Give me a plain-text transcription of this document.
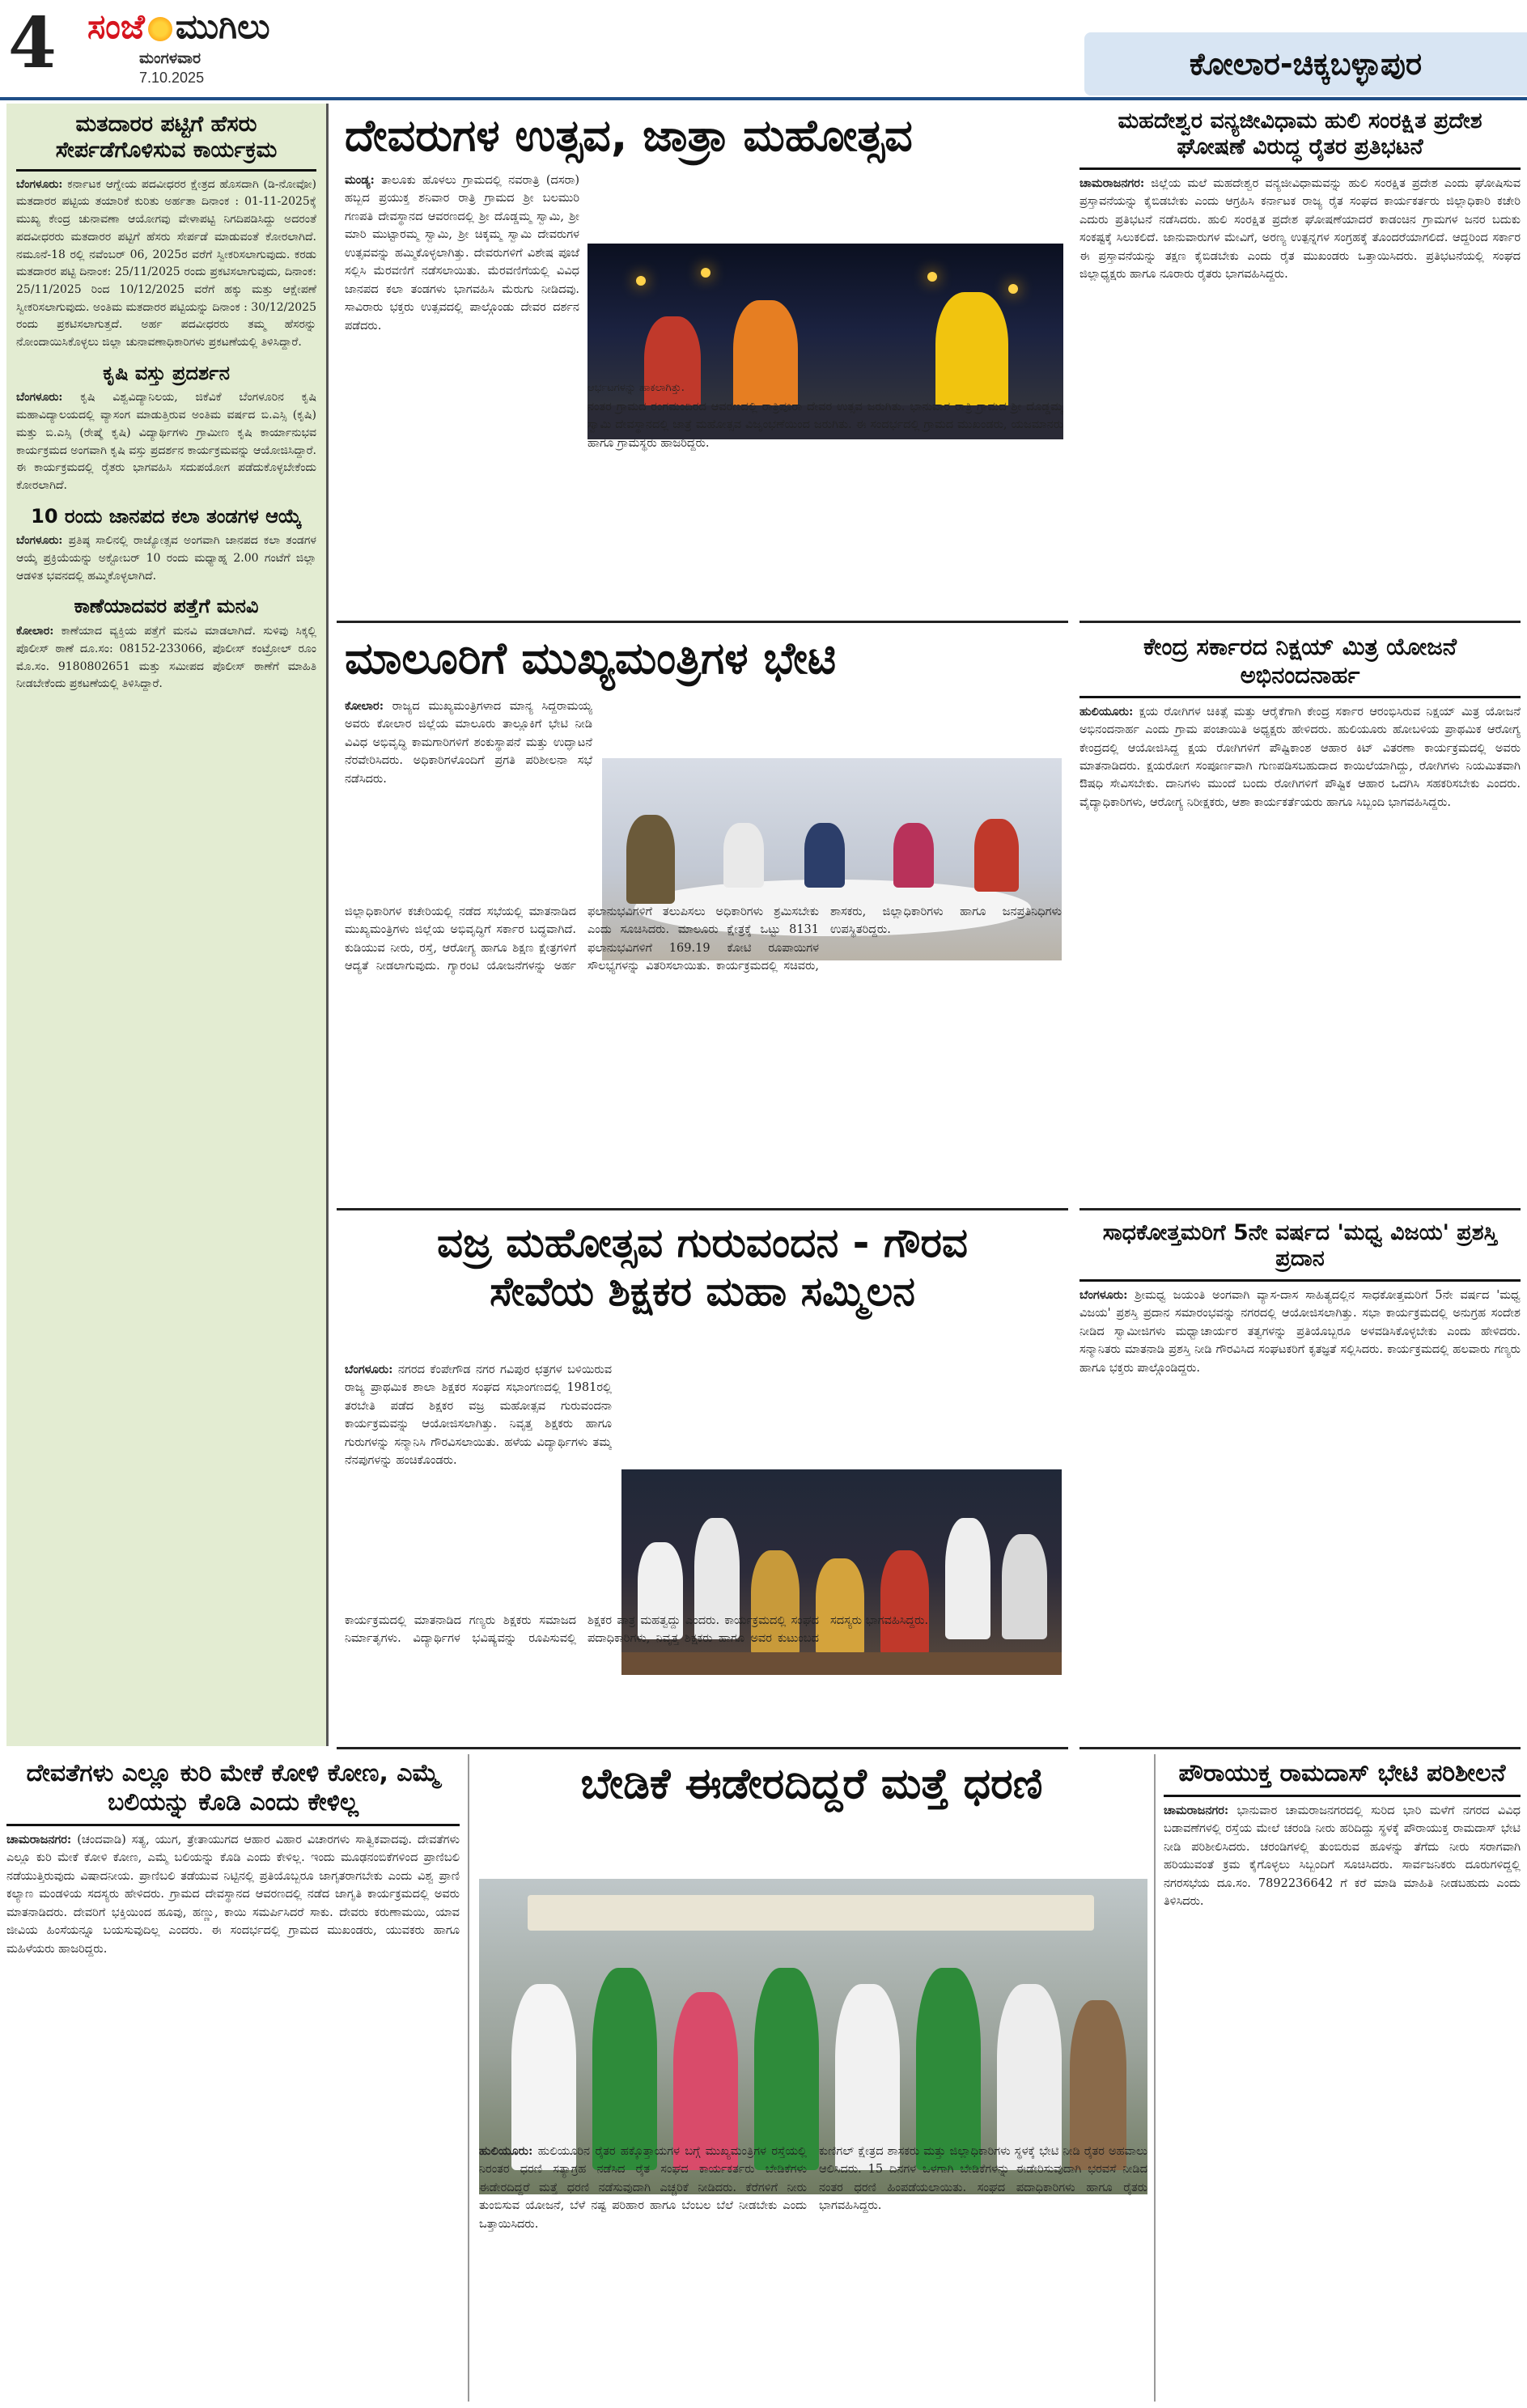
4 ಸಂಜೆ ಮುಗಿಲು
ಮಂಗಳವಾರ
7.10.2025	ಕೋಲಾರ-ಚಿಕ್ಕಬಳ್ಳಾಪುರ
ಮತದಾರರ ಪಟ್ಟಿಗೆ ಹೆಸರು ಸೇರ್ಪಡೆಗೊಳಿಸುವ ಕಾರ್ಯಕ್ರಮ

ಬೆಂಗಳೂರು: ಕರ್ನಾಟಕ ಆಗ್ನೇಯ ಪದವೀಧರರ ಕ್ಷೇತ್ರದ ಹೊಸದಾಗಿ (ಡಿ-ನೋವೋ) ಮತದಾರರ ಪಟ್ಟಿಯ ತಯಾರಿಕೆ ಕುರಿತು ಅರ್ಹತಾ ದಿನಾಂಕ : 01-11-2025ಕ್ಕೆ ಮುಖ್ಯ ಕೇಂದ್ರ ಚುನಾವಣಾ ಆಯೋಗವು ವೇಳಾಪಟ್ಟಿ ನಿಗದಿಪಡಿಸಿದ್ದು ಅದರಂತೆ ಪದವೀಧರರು ಮತದಾರರ ಪಟ್ಟಿಗೆ ಹೆಸರು ಸೇರ್ಪಡೆ ಮಾಡುವಂತೆ ಕೋರಲಾಗಿದೆ. ನಮೂನೆ-18 ರಲ್ಲಿ ನವೆಂಬರ್ 06, 2025ರ ವರೆಗೆ ಸ್ವೀಕರಿಸಲಾಗುವುದು. ಕರಡು ಮತದಾರರ ಪಟ್ಟಿ ದಿನಾಂಕ: 25/11/2025 ರಂದು ಪ್ರಕಟಿಸಲಾಗುವುದು, ದಿನಾಂಕ: 25/11/2025 ರಿಂದ 10/12/2025 ವರೆಗೆ ಹಕ್ಕು ಮತ್ತು ಆಕ್ಷೇಪಣೆ ಸ್ವೀಕರಿಸಲಾಗುವುದು. ಅಂತಿಮ ಮತದಾರರ ಪಟ್ಟಿಯನ್ನು ದಿನಾಂಕ : 30/12/2025 ರಂದು ಪ್ರಕಟಿಸಲಾಗುತ್ತದೆ. ಅರ್ಹ ಪದವೀಧರರು ತಮ್ಮ ಹೆಸರನ್ನು ನೋಂದಾಯಿಸಿಕೊಳ್ಳಲು ಜಿಲ್ಲಾ ಚುನಾವಣಾಧಿಕಾರಿಗಳು ಪ್ರಕಟಣೆಯಲ್ಲಿ ತಿಳಿಸಿದ್ದಾರೆ.

ಕೃಷಿ ವಸ್ತು ಪ್ರದರ್ಶನ

ಬೆಂಗಳೂರು: ಕೃಷಿ ವಿಶ್ವವಿದ್ಯಾನಿಲಯ, ಜಿಕೆವಿಕೆ ಬೆಂಗಳೂರಿನ ಕೃಷಿ ಮಹಾವಿದ್ಯಾಲಯದಲ್ಲಿ ವ್ಯಾಸಂಗ ಮಾಡುತ್ತಿರುವ ಅಂತಿಮ ವರ್ಷದ ಬಿ.ಎಸ್ಸಿ (ಕೃಷಿ) ಮತ್ತು ಬಿ.ಎಸ್ಸಿ (ರೇಷ್ಮೆ ಕೃಷಿ) ವಿದ್ಯಾರ್ಥಿಗಳು ಗ್ರಾಮೀಣ ಕೃಷಿ ಕಾರ್ಯಾನುಭವ ಕಾರ್ಯಕ್ರಮದ ಅಂಗವಾಗಿ ಕೃಷಿ ವಸ್ತು ಪ್ರದರ್ಶನ ಕಾರ್ಯಕ್ರಮವನ್ನು ಆಯೋಜಿಸಿದ್ದಾರೆ. ಈ ಕಾರ್ಯಕ್ರಮದಲ್ಲಿ ರೈತರು ಭಾಗವಹಿಸಿ ಸದುಪಯೋಗ ಪಡೆದುಕೊಳ್ಳಬೇಕೆಂದು ಕೋರಲಾಗಿದೆ.

10 ರಂದು ಜಾನಪದ ಕಲಾ ತಂಡಗಳ ಆಯ್ಕೆ

ಬೆಂಗಳೂರು: ಪ್ರತಿಷ್ಠ ಸಾಲಿನಲ್ಲಿ ರಾಜ್ಯೋತ್ಸವ ಅಂಗವಾಗಿ ಜಾನಪದ ಕಲಾ ತಂಡಗಳ ಆಯ್ಕೆ ಪ್ರಕ್ರಿಯೆಯನ್ನು ಅಕ್ಟೋಬರ್ 10 ರಂದು ಮಧ್ಯಾಹ್ನ 2.00 ಗಂಟೆಗೆ ಜಿಲ್ಲಾ ಆಡಳಿತ ಭವನದಲ್ಲಿ ಹಮ್ಮಿಕೊಳ್ಳಲಾಗಿದೆ.

ಕಾಣೆಯಾದವರ ಪತ್ತೆಗೆ ಮನವಿ

ಕೋಲಾರ: ಕಾಣೆಯಾದ ವ್ಯಕ್ತಿಯ ಪತ್ತೆಗೆ ಮನವಿ ಮಾಡಲಾಗಿದೆ. ಸುಳಿವು ಸಿಕ್ಕಲ್ಲಿ ಪೊಲೀಸ್ ಠಾಣೆ ದೂ.ಸಂ: 08152-233066, ಪೊಲೀಸ್ ಕಂಟ್ರೋಲ್ ರೂಂ ಮೊ.ಸಂ. 9180802651 ಮತ್ತು ಸಮೀಪದ ಪೊಲೀಸ್ ಠಾಣೆಗೆ ಮಾಹಿತಿ ನೀಡಬೇಕೆಂದು ಪ್ರಕಟಣೆಯಲ್ಲಿ ತಿಳಿಸಿದ್ದಾರೆ.

ದೇವರುಗಳ ಉತ್ಸವ, ಜಾತ್ರಾ ಮಹೋತ್ಸವ
ಮಂಡ್ಯ: ತಾಲೂಕು ಹೊಳಲು ಗ್ರಾಮದಲ್ಲಿ ನವರಾತ್ರಿ (ದಸರಾ) ಹಬ್ಬದ ಪ್ರಯುಕ್ತ ಶನಿವಾರ ರಾತ್ರಿ ಗ್ರಾಮದ ಶ್ರೀ ಬಲಮುರಿ ಗಣಪತಿ ದೇವಸ್ಥಾನದ ಆವರಣದಲ್ಲಿ ಶ್ರೀ ದೊಡ್ಡಮ್ಮ ಸ್ವಾಮಿ, ಶ್ರೀ ಮಾರಿ ಮುಟ್ಟಾರಮ್ಮ ಸ್ವಾಮಿ, ಶ್ರೀ ಚಿಕ್ಕಮ್ಮ ಸ್ವಾಮಿ ದೇವರುಗಳ ಉತ್ಸವವನ್ನು ಹಮ್ಮಿಕೊಳ್ಳಲಾಗಿತ್ತು. ದೇವರುಗಳಿಗೆ ವಿಶೇಷ ಪೂಜೆ ಸಲ್ಲಿಸಿ ಮೆರವಣಿಗೆ ನಡೆಸಲಾಯಿತು. ಮೆರವಣಿಗೆಯಲ್ಲಿ ವಿವಿಧ ಜಾನಪದ ಕಲಾ ತಂಡಗಳು ಭಾಗವಹಿಸಿ ಮೆರುಗು ನೀಡಿದವು. ಸಾವಿರಾರು ಭಕ್ತರು ಉತ್ಸವದಲ್ಲಿ ಪಾಲ್ಗೊಂಡು ದೇವರ ದರ್ಶನ ಪಡೆದರು.
ಆರ್ಭಟಗಳನ್ನು ಹಾಕಲಾಗಿತ್ತು.
ನಂತರ ಗ್ರಾಮದ ರಂಗಮಂದಿರದ ಆವರಣದಲ್ಲಿ ರಾತ್ರಿಪೂರಾ ದೇವರ ಉತ್ಸವ ಜರುಗಿತು. ಭಾನುವಾರ ರಾತ್ರಿ ಗ್ರಾಮದ ಶ್ರೀ ದೊಡ್ಡಮ್ಮ ಸ್ವಾಮಿ ದೇವಸ್ಥಾನದಲ್ಲಿ ಜಾತ್ರೆ ಮಹೋತ್ಸವ ವಿಜೃಂಭಣೆಯಿಂದ ಜರುಗಿತು. ಈ ಸಂದರ್ಭದಲ್ಲಿ ಗ್ರಾಮದ ಮುಖಂಡರು, ಯಜಮಾನರು ಹಾಗೂ ಗ್ರಾಮಸ್ಥರು ಹಾಜರಿದ್ದರು.
ಮಹದೇಶ್ವರ ವನ್ಯಜೀವಿಧಾಮ ಹುಲಿ ಸಂರಕ್ಷಿತ ಪ್ರದೇಶ ಘೋಷಣೆ ವಿರುದ್ಧ ರೈತರ ಪ್ರತಿಭಟನೆ

ಚಾಮರಾಜನಗರ: ಜಿಲ್ಲೆಯ ಮಲೆ ಮಹದೇಶ್ವರ ವನ್ಯಜೀವಿಧಾಮವನ್ನು ಹುಲಿ ಸಂರಕ್ಷಿತ ಪ್ರದೇಶ ಎಂದು ಘೋಷಿಸುವ ಪ್ರಸ್ತಾವನೆಯನ್ನು ಕೈಬಿಡಬೇಕು ಎಂದು ಆಗ್ರಹಿಸಿ ಕರ್ನಾಟಕ ರಾಜ್ಯ ರೈತ ಸಂಘದ ಕಾರ್ಯಕರ್ತರು ಜಿಲ್ಲಾಧಿಕಾರಿ ಕಚೇರಿ ಎದುರು ಪ್ರತಿಭಟನೆ ನಡೆಸಿದರು. ಹುಲಿ ಸಂರಕ್ಷಿತ ಪ್ರದೇಶ ಘೋಷಣೆಯಾದರೆ ಕಾಡಂಚಿನ ಗ್ರಾಮಗಳ ಜನರ ಬದುಕು ಸಂಕಷ್ಟಕ್ಕೆ ಸಿಲುಕಲಿದೆ. ಜಾನುವಾರುಗಳ ಮೇವಿಗೆ, ಅರಣ್ಯ ಉತ್ಪನ್ನಗಳ ಸಂಗ್ರಹಕ್ಕೆ ತೊಂದರೆಯಾಗಲಿದೆ. ಆದ್ದರಿಂದ ಸರ್ಕಾರ ಈ ಪ್ರಸ್ತಾವನೆಯನ್ನು ತಕ್ಷಣ ಕೈಬಿಡಬೇಕು ಎಂದು ರೈತ ಮುಖಂಡರು ಒತ್ತಾಯಿಸಿದರು. ಪ್ರತಿಭಟನೆಯಲ್ಲಿ ಸಂಘದ ಜಿಲ್ಲಾಧ್ಯಕ್ಷರು ಹಾಗೂ ನೂರಾರು ರೈತರು ಭಾಗವಹಿಸಿದ್ದರು.

ಮಾಲೂರಿಗೆ ಮುಖ್ಯಮಂತ್ರಿಗಳ ಭೇಟಿ
ಕೋಲಾರ: ರಾಜ್ಯದ ಮುಖ್ಯಮಂತ್ರಿಗಳಾದ ಮಾನ್ಯ ಸಿದ್ದರಾಮಯ್ಯ ಅವರು ಕೋಲಾರ ಜಿಲ್ಲೆಯ ಮಾಲೂರು ತಾಲ್ಲೂಕಿಗೆ ಭೇಟಿ ನೀಡಿ ವಿವಿಧ ಅಭಿವೃದ್ಧಿ ಕಾಮಗಾರಿಗಳಿಗೆ ಶಂಕುಸ್ಥಾಪನೆ ಮತ್ತು ಉದ್ಘಾಟನೆ ನೆರವೇರಿಸಿದರು. ಅಧಿಕಾರಿಗಳೊಂದಿಗೆ ಪ್ರಗತಿ ಪರಿಶೀಲನಾ ಸಭೆ ನಡೆಸಿದರು.
ಜಿಲ್ಲಾಧಿಕಾರಿಗಳ ಕಚೇರಿಯಲ್ಲಿ ನಡೆದ ಸಭೆಯಲ್ಲಿ ಮಾತನಾಡಿದ ಮುಖ್ಯಮಂತ್ರಿಗಳು ಜಿಲ್ಲೆಯ ಅಭಿವೃದ್ಧಿಗೆ ಸರ್ಕಾರ ಬದ್ಧವಾಗಿದೆ. ಕುಡಿಯುವ ನೀರು, ರಸ್ತೆ, ಆರೋಗ್ಯ ಹಾಗೂ ಶಿಕ್ಷಣ ಕ್ಷೇತ್ರಗಳಿಗೆ ಆದ್ಯತೆ ನೀಡಲಾಗುವುದು. ಗ್ಯಾರಂಟಿ ಯೋಜನೆಗಳನ್ನು ಅರ್ಹ ಫಲಾನುಭವಿಗಳಿಗೆ ತಲುಪಿಸಲು ಅಧಿಕಾರಿಗಳು ಶ್ರಮಿಸಬೇಕು ಎಂದು ಸೂಚಿಸಿದರು. ಮಾಲೂರು ಕ್ಷೇತ್ರಕ್ಕೆ ಒಟ್ಟು 8131 ಫಲಾನುಭವಿಗಳಿಗೆ 169.19 ಕೋಟಿ ರೂಪಾಯಿಗಳ ಸೌಲಭ್ಯಗಳನ್ನು ವಿತರಿಸಲಾಯಿತು. ಕಾರ್ಯಕ್ರಮದಲ್ಲಿ ಸಚಿವರು, ಶಾಸಕರು, ಜಿಲ್ಲಾಧಿಕಾರಿಗಳು ಹಾಗೂ ಜನಪ್ರತಿನಿಧಿಗಳು ಉಪಸ್ಥಿತರಿದ್ದರು.
ಕೇಂದ್ರ ಸರ್ಕಾರದ ನಿಕ್ಷಯ್ ಮಿತ್ರ ಯೋಜನೆ ಅಭಿನಂದನಾರ್ಹ

ಹುಲಿಯೂರು: ಕ್ಷಯ ರೋಗಿಗಳ ಚಿಕಿತ್ಸೆ ಮತ್ತು ಆರೈಕೆಗಾಗಿ ಕೇಂದ್ರ ಸರ್ಕಾರ ಆರಂಭಿಸಿರುವ ನಿಕ್ಷಯ್ ಮಿತ್ರ ಯೋಜನೆ ಅಭಿನಂದನಾರ್ಹ ಎಂದು ಗ್ರಾಮ ಪಂಚಾಯಿತಿ ಅಧ್ಯಕ್ಷರು ಹೇಳಿದರು. ಹುಲಿಯೂರು ಹೋಬಳಿಯ ಪ್ರಾಥಮಿಕ ಆರೋಗ್ಯ ಕೇಂದ್ರದಲ್ಲಿ ಆಯೋಜಿಸಿದ್ದ ಕ್ಷಯ ರೋಗಿಗಳಿಗೆ ಪೌಷ್ಟಿಕಾಂಶ ಆಹಾರ ಕಿಟ್ ವಿತರಣಾ ಕಾರ್ಯಕ್ರಮದಲ್ಲಿ ಅವರು ಮಾತನಾಡಿದರು. ಕ್ಷಯರೋಗ ಸಂಪೂರ್ಣವಾಗಿ ಗುಣಪಡಿಸಬಹುದಾದ ಕಾಯಿಲೆಯಾಗಿದ್ದು, ರೋಗಿಗಳು ನಿಯಮಿತವಾಗಿ ಔಷಧಿ ಸೇವಿಸಬೇಕು. ದಾನಿಗಳು ಮುಂದೆ ಬಂದು ರೋಗಿಗಳಿಗೆ ಪೌಷ್ಟಿಕ ಆಹಾರ ಒದಗಿಸಿ ಸಹಕರಿಸಬೇಕು ಎಂದರು. ವೈದ್ಯಾಧಿಕಾರಿಗಳು, ಆರೋಗ್ಯ ನಿರೀಕ್ಷಕರು, ಆಶಾ ಕಾರ್ಯಕರ್ತೆಯರು ಹಾಗೂ ಸಿಬ್ಬಂದಿ ಭಾಗವಹಿಸಿದ್ದರು.

ವಜ್ರ ಮಹೋತ್ಸವ ಗುರುವಂದನ - ಗೌರವ
ಸೇವೆಯ ಶಿಕ್ಷಕರ ಮಹಾ ಸಮ್ಮಿಲನ
ಬೆಂಗಳೂರು: ನಗರದ ಕೆಂಪೇಗೌಡ ನಗರ ಗವಿಪುರ ಛತ್ರಗಳ ಬಳಿಯಿರುವ ರಾಜ್ಯ ಪ್ರಾಥಮಿಕ ಶಾಲಾ ಶಿಕ್ಷಕರ ಸಂಘದ ಸಭಾಂಗಣದಲ್ಲಿ 1981ರಲ್ಲಿ ತರಬೇತಿ ಪಡೆದ ಶಿಕ್ಷಕರ ವಜ್ರ ಮಹೋತ್ಸವ ಗುರುವಂದನಾ ಕಾರ್ಯಕ್ರಮವನ್ನು ಆಯೋಜಿಸಲಾಗಿತ್ತು. ನಿವೃತ್ತ ಶಿಕ್ಷಕರು ಹಾಗೂ ಗುರುಗಳನ್ನು ಸನ್ಮಾನಿಸಿ ಗೌರವಿಸಲಾಯಿತು. ಹಳೆಯ ವಿದ್ಯಾರ್ಥಿಗಳು ತಮ್ಮ ನೆನಪುಗಳನ್ನು ಹಂಚಿಕೊಂಡರು.
ಕಾರ್ಯಕ್ರಮದಲ್ಲಿ ಮಾತನಾಡಿದ ಗಣ್ಯರು ಶಿಕ್ಷಕರು ಸಮಾಜದ ನಿರ್ಮಾತೃಗಳು. ವಿದ್ಯಾರ್ಥಿಗಳ ಭವಿಷ್ಯವನ್ನು ರೂಪಿಸುವಲ್ಲಿ ಶಿಕ್ಷಕರ ಪಾತ್ರ ಮಹತ್ವದ್ದು ಎಂದರು. ಕಾರ್ಯಕ್ರಮದಲ್ಲಿ ಸಂಘದ ಪದಾಧಿಕಾರಿಗಳು, ನಿವೃತ್ತ ಶಿಕ್ಷಕರು ಹಾಗೂ ಅವರ ಕುಟುಂಬದ ಸದಸ್ಯರು ಭಾಗವಹಿಸಿದ್ದರು.
ಸಾಧಕೋತ್ತಮರಿಗೆ 5ನೇ ವರ್ಷದ 'ಮಧ್ವ ವಿಜಯ' ಪ್ರಶಸ್ತಿ ಪ್ರದಾನ

ಬೆಂಗಳೂರು: ಶ್ರೀಮಧ್ವ ಜಯಂತಿ ಅಂಗವಾಗಿ ವ್ಯಾಸ-ದಾಸ ಸಾಹಿತ್ಯದಲ್ಲಿನ ಸಾಧಕೋತ್ತಮರಿಗೆ 5ನೇ ವರ್ಷದ 'ಮಧ್ವ ವಿಜಯ' ಪ್ರಶಸ್ತಿ ಪ್ರದಾನ ಸಮಾರಂಭವನ್ನು ನಗರದಲ್ಲಿ ಆಯೋಜಿಸಲಾಗಿತ್ತು. ಸಭಾ ಕಾರ್ಯಕ್ರಮದಲ್ಲಿ ಅನುಗ್ರಹ ಸಂದೇಶ ನೀಡಿದ ಸ್ವಾಮೀಜಿಗಳು ಮಧ್ವಾಚಾರ್ಯರ ತತ್ವಗಳನ್ನು ಪ್ರತಿಯೊಬ್ಬರೂ ಅಳವಡಿಸಿಕೊಳ್ಳಬೇಕು ಎಂದು ಹೇಳಿದರು. ಸನ್ಮಾನಿತರು ಮಾತನಾಡಿ ಪ್ರಶಸ್ತಿ ನೀಡಿ ಗೌರವಿಸಿದ ಸಂಘಟಕರಿಗೆ ಕೃತಜ್ಞತೆ ಸಲ್ಲಿಸಿದರು. ಕಾರ್ಯಕ್ರಮದಲ್ಲಿ ಹಲವಾರು ಗಣ್ಯರು ಹಾಗೂ ಭಕ್ತರು ಪಾಲ್ಗೊಂಡಿದ್ದರು.

ದೇವತೆಗಳು ಎಲ್ಲೂ ಕುರಿ ಮೇಕೆ ಕೋಳಿ ಕೋಣ, ಎಮ್ಮೆ ಬಲಿಯನ್ನು ಕೊಡಿ ಎಂದು ಕೇಳಿಲ್ಲ

ಚಾಮರಾಜನಗರ: (ಚಂದವಾಡಿ) ಸತ್ಯ, ಯುಗ, ತ್ರೇತಾಯುಗದ ಆಹಾರ ವಿಹಾರ ವಿಚಾರಗಳು ಸಾತ್ವಿಕವಾದವು. ದೇವತೆಗಳು ಎಲ್ಲೂ ಕುರಿ ಮೇಕೆ ಕೋಳಿ ಕೋಣ, ಎಮ್ಮೆ ಬಲಿಯನ್ನು ಕೊಡಿ ಎಂದು ಕೇಳಿಲ್ಲ. ಇಂದು ಮೂಢನಂಬಿಕೆಗಳಿಂದ ಪ್ರಾಣಿಬಲಿ ನಡೆಯುತ್ತಿರುವುದು ವಿಷಾದನೀಯ. ಪ್ರಾಣಿಬಲಿ ತಡೆಯುವ ನಿಟ್ಟಿನಲ್ಲಿ ಪ್ರತಿಯೊಬ್ಬರೂ ಜಾಗೃತರಾಗಬೇಕು ಎಂದು ವಿಶ್ವ ಪ್ರಾಣಿ ಕಲ್ಯಾಣ ಮಂಡಳಿಯ ಸದಸ್ಯರು ಹೇಳಿದರು. ಗ್ರಾಮದ ದೇವಸ್ಥಾನದ ಆವರಣದಲ್ಲಿ ನಡೆದ ಜಾಗೃತಿ ಕಾರ್ಯಕ್ರಮದಲ್ಲಿ ಅವರು ಮಾತನಾಡಿದರು. ದೇವರಿಗೆ ಭಕ್ತಿಯಿಂದ ಹೂವು, ಹಣ್ಣು, ಕಾಯಿ ಸಮರ್ಪಿಸಿದರೆ ಸಾಕು. ದೇವರು ಕರುಣಾಮಯಿ, ಯಾವ ಜೀವಿಯ ಹಿಂಸೆಯನ್ನೂ ಬಯಸುವುದಿಲ್ಲ ಎಂದರು. ಈ ಸಂದರ್ಭದಲ್ಲಿ ಗ್ರಾಮದ ಮುಖಂಡರು, ಯುವಕರು ಹಾಗೂ ಮಹಿಳೆಯರು ಹಾಜರಿದ್ದರು.

ಬೇಡಿಕೆ ಈಡೇರದಿದ್ದರೆ ಮತ್ತೆ ಧರಣಿ
ಹುಲಿಯೂರು: ಹುಲಿಯೂರಿನ ರೈತರ ಹಕ್ಕೊತ್ತಾಯಗಳ ಬಗ್ಗೆ ಮುಖ್ಯಮಂತ್ರಿಗಳ ರಸ್ತೆಯಲ್ಲಿ ನಿರಂತರ ಧರಣಿ ಸತ್ಯಾಗ್ರಹ ನಡೆಸಿದ ರೈತ ಸಂಘದ ಕಾರ್ಯಕರ್ತರು ಬೇಡಿಕೆಗಳು ಈಡೇರದಿದ್ದರೆ ಮತ್ತೆ ಧರಣಿ ನಡೆಸುವುದಾಗಿ ಎಚ್ಚರಿಕೆ ನೀಡಿದರು. ಕೆರೆಗಳಿಗೆ ನೀರು ತುಂಬಿಸುವ ಯೋಜನೆ, ಬೆಳೆ ನಷ್ಟ ಪರಿಹಾರ ಹಾಗೂ ಬೆಂಬಲ ಬೆಲೆ ನೀಡಬೇಕು ಎಂದು ಒತ್ತಾಯಿಸಿದರು.
ಕುಣಿಗಲ್ ಕ್ಷೇತ್ರದ ಶಾಸಕರು ಮತ್ತು ಜಿಲ್ಲಾಧಿಕಾರಿಗಳು ಸ್ಥಳಕ್ಕೆ ಭೇಟಿ ನೀಡಿ ರೈತರ ಅಹವಾಲು ಆಲಿಸಿದರು. 15 ದಿನಗಳ ಒಳಗಾಗಿ ಬೇಡಿಕೆಗಳನ್ನು ಈಡೇರಿಸುವುದಾಗಿ ಭರವಸೆ ನೀಡಿದ ನಂತರ ಧರಣಿ ಹಿಂಪಡೆಯಲಾಯಿತು. ಸಂಘದ ಪದಾಧಿಕಾರಿಗಳು ಹಾಗೂ ರೈತರು ಭಾಗವಹಿಸಿದ್ದರು.
ಪೌರಾಯುಕ್ತ ರಾಮದಾಸ್ ಭೇಟಿ ಪರಿಶೀಲನೆ

ಚಾಮರಾಜನಗರ: ಭಾನುವಾರ ಚಾಮರಾಜನಗರದಲ್ಲಿ ಸುರಿದ ಭಾರಿ ಮಳೆಗೆ ನಗರದ ವಿವಿಧ ಬಡಾವಣೆಗಳಲ್ಲಿ ರಸ್ತೆಯ ಮೇಲೆ ಚರಂಡಿ ನೀರು ಹರಿದಿದ್ದು ಸ್ಥಳಕ್ಕೆ ಪೌರಾಯುಕ್ತ ರಾಮದಾಸ್ ಭೇಟಿ ನೀಡಿ ಪರಿಶೀಲಿಸಿದರು. ಚರಂಡಿಗಳಲ್ಲಿ ತುಂಬಿರುವ ಹೂಳನ್ನು ತೆಗೆದು ನೀರು ಸರಾಗವಾಗಿ ಹರಿಯುವಂತೆ ಕ್ರಮ ಕೈಗೊಳ್ಳಲು ಸಿಬ್ಬಂದಿಗೆ ಸೂಚಿಸಿದರು. ಸಾರ್ವಜನಿಕರು ದೂರುಗಳಿದ್ದಲ್ಲಿ ನಗರಸಭೆಯ ದೂ.ಸಂ. 7892236642 ಗೆ ಕರೆ ಮಾಡಿ ಮಾಹಿತಿ ನೀಡಬಹುದು ಎಂದು ತಿಳಿಸಿದರು.
